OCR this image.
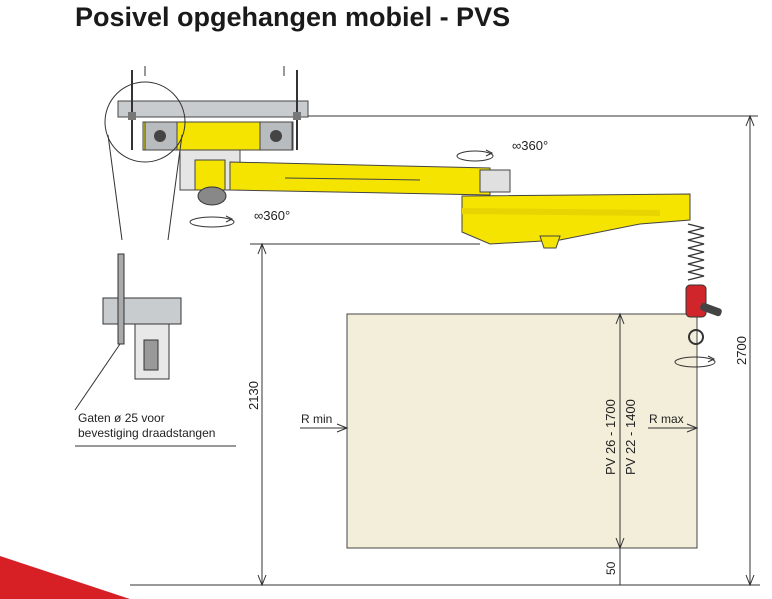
Posivel opgehangen mobiel - PVS
∞360°
∞360°
R min	R max
2130
2700
PV 26 - 1700 PV 22 - 1400
50
Gaten ø 25 voor
bevestiging draadstangen
